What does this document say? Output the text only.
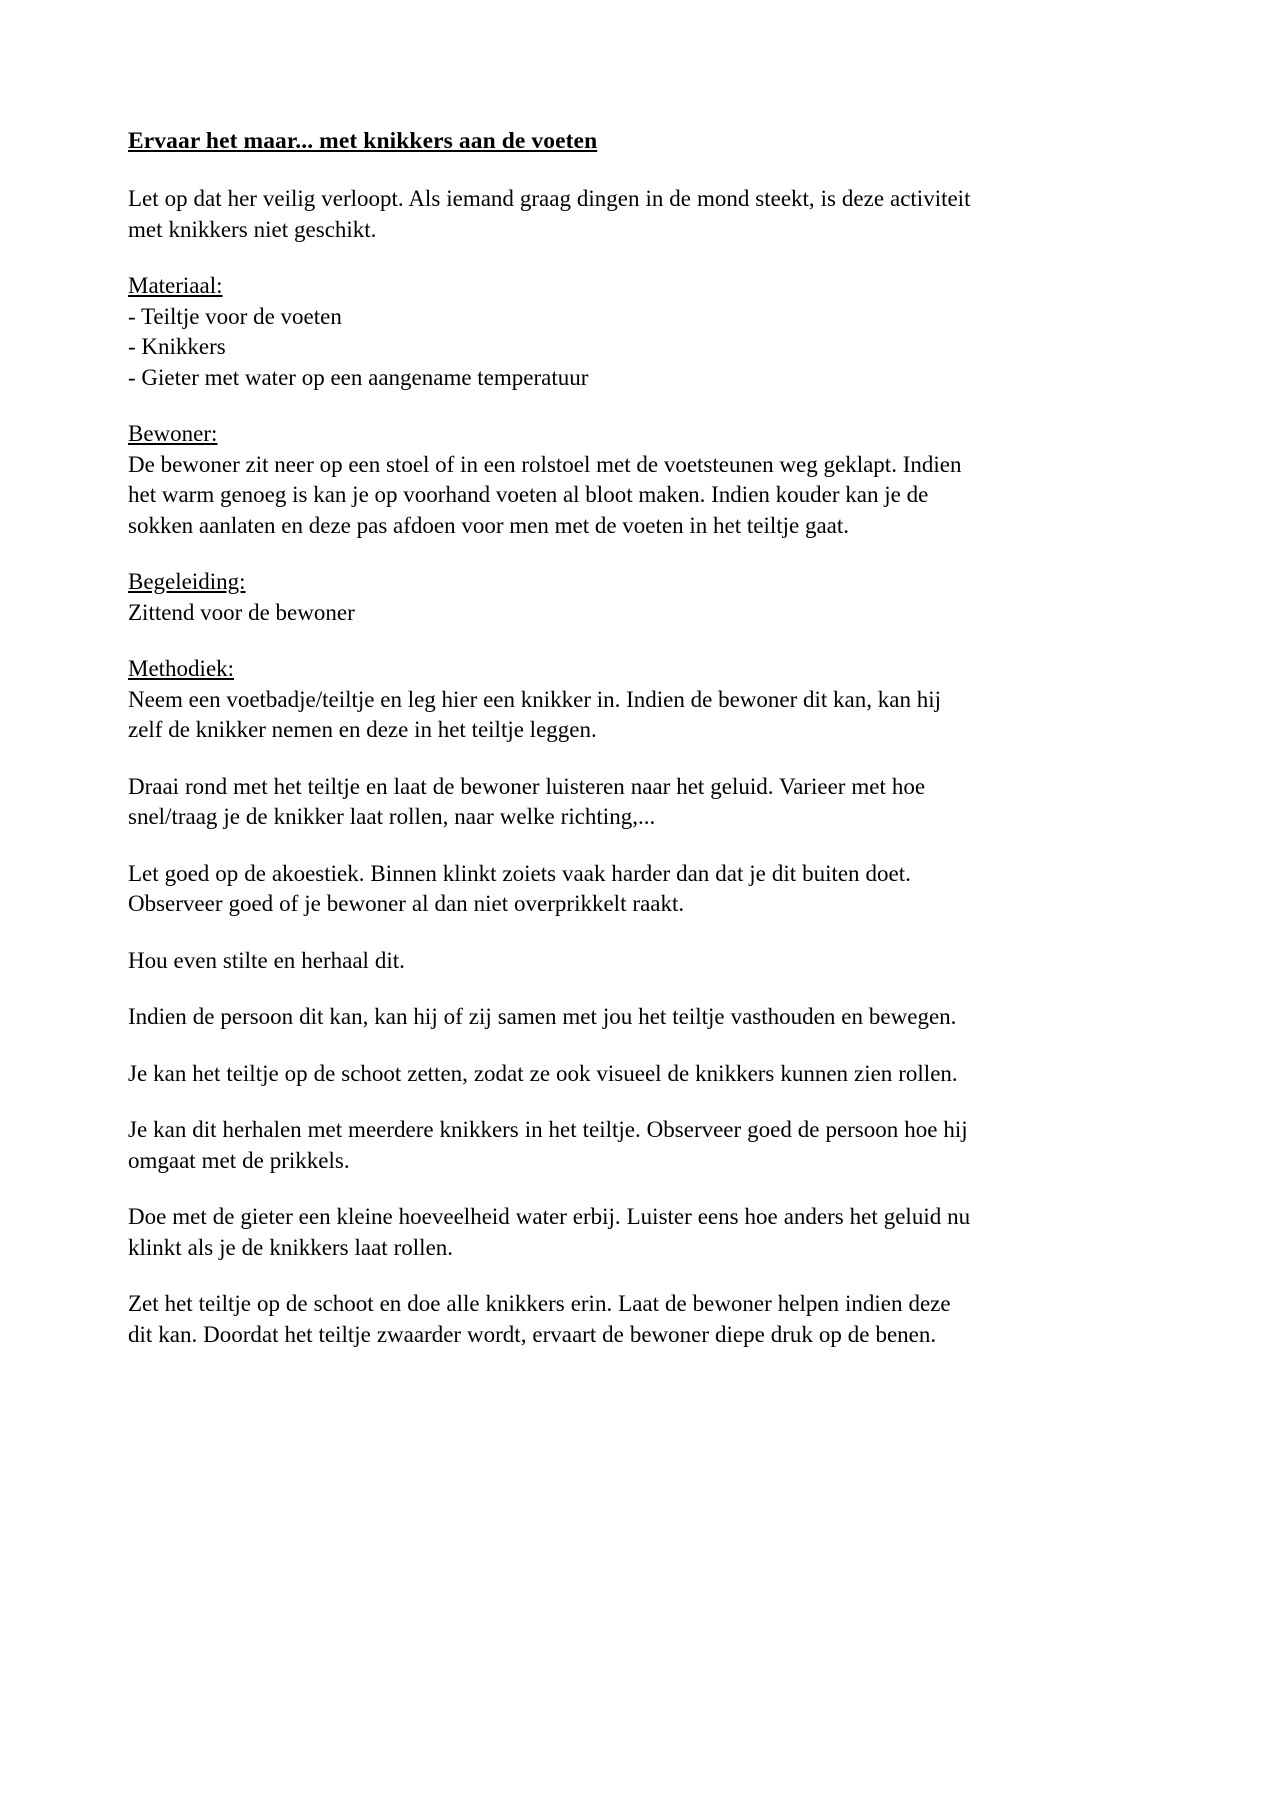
Ervaar het maar... met knikkers aan de voeten

Let op dat her veilig verloopt. Als iemand graag dingen in de mond steekt, is deze activiteit met knikkers niet geschikt.

Materiaal:
- Teiltje voor de voeten
- Knikkers
- Gieter met water op een aangename temperatuur
Bewoner:
De bewoner zit neer op een stoel of in een rolstoel met de voetsteunen weg geklapt. Indien het warm genoeg is kan je op voorhand voeten al bloot maken. Indien kouder kan je de sokken aanlaten en deze pas afdoen voor men met de voeten in het teiltje gaat.
Begeleiding:
Zittend voor de bewoner
Methodiek:
Neem een voetbadje/teiltje en leg hier een knikker in. Indien de bewoner dit kan, kan hij zelf de knikker nemen en deze in het teiltje leggen.

Draai rond met het teiltje en laat de bewoner luisteren naar het geluid. Varieer met hoe snel/traag je de knikker laat rollen, naar welke richting,...

Let goed op de akoestiek. Binnen klinkt zoiets vaak harder dan dat je dit buiten doet. Observeer goed of je bewoner al dan niet overprikkelt raakt.

Hou even stilte en herhaal dit.

Indien de persoon dit kan, kan hij of zij samen met jou het teiltje vasthouden en bewegen.

Je kan het teiltje op de schoot zetten, zodat ze ook visueel de knikkers kunnen zien rollen.

Je kan dit herhalen met meerdere knikkers in het teiltje. Observeer goed de persoon hoe hij omgaat met de prikkels.

Doe met de gieter een kleine hoeveelheid water erbij. Luister eens hoe anders het geluid nu klinkt als je de knikkers laat rollen.

Zet het teiltje op de schoot en doe alle knikkers erin. Laat de bewoner helpen indien deze dit kan. Doordat het teiltje zwaarder wordt, ervaart de bewoner diepe druk op de benen.
